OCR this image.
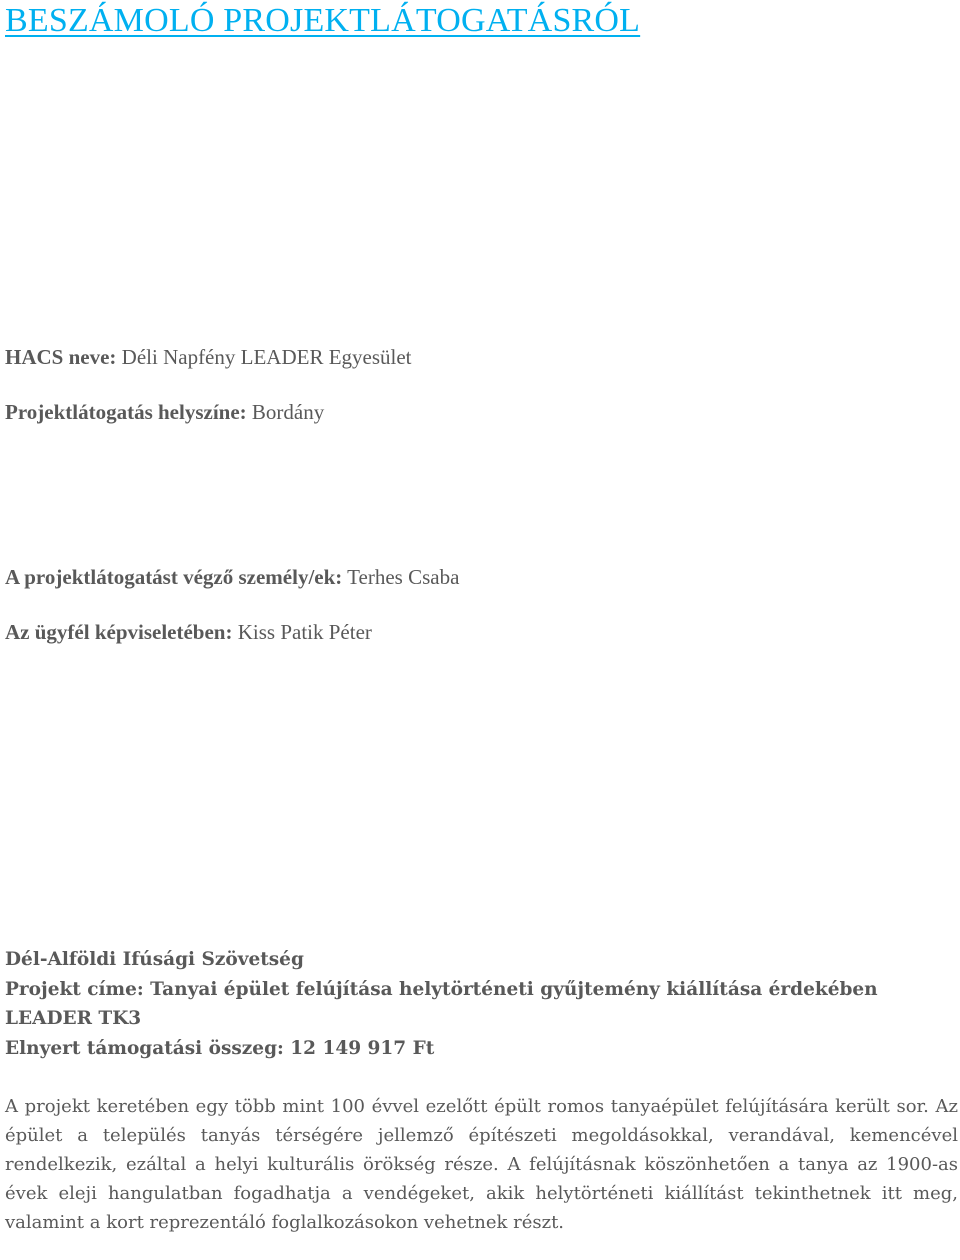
BESZÁMOLÓ PROJEKTLÁTOGATÁSRÓL

HACS neve: Déli Napfény LEADER Egyesület

Projektlátogatás helyszíne: Bordány

A projektlátogatást végző személy/ek: Terhes Csaba

Az ügyfél képviseletében: Kiss Patik Péter

Dél-Alföldi Ifúsági Szövetség
Projekt címe: Tanyai épület felújítása helytörténeti gyűjtemény kiállítása érdekében
LEADER TK3
Elnyert támogatási összeg: 12 149 917 Ft

A projekt keretében egy több mint 100 évvel ezelőtt épült romos tanyaépület felújítására került sor. Az épület a település tanyás térségére jellemző építészeti megoldásokkal, verandával, kemencével rendelkezik, ezáltal a helyi kulturális örökség része. A felújításnak köszönhetően a tanya az 1900-as évek eleji hangulatban fogadhatja a vendégeket, akik helytörténeti kiállítást tekinthetnek itt meg, valamint a kort reprezentáló foglalkozásokon vehetnek részt.
